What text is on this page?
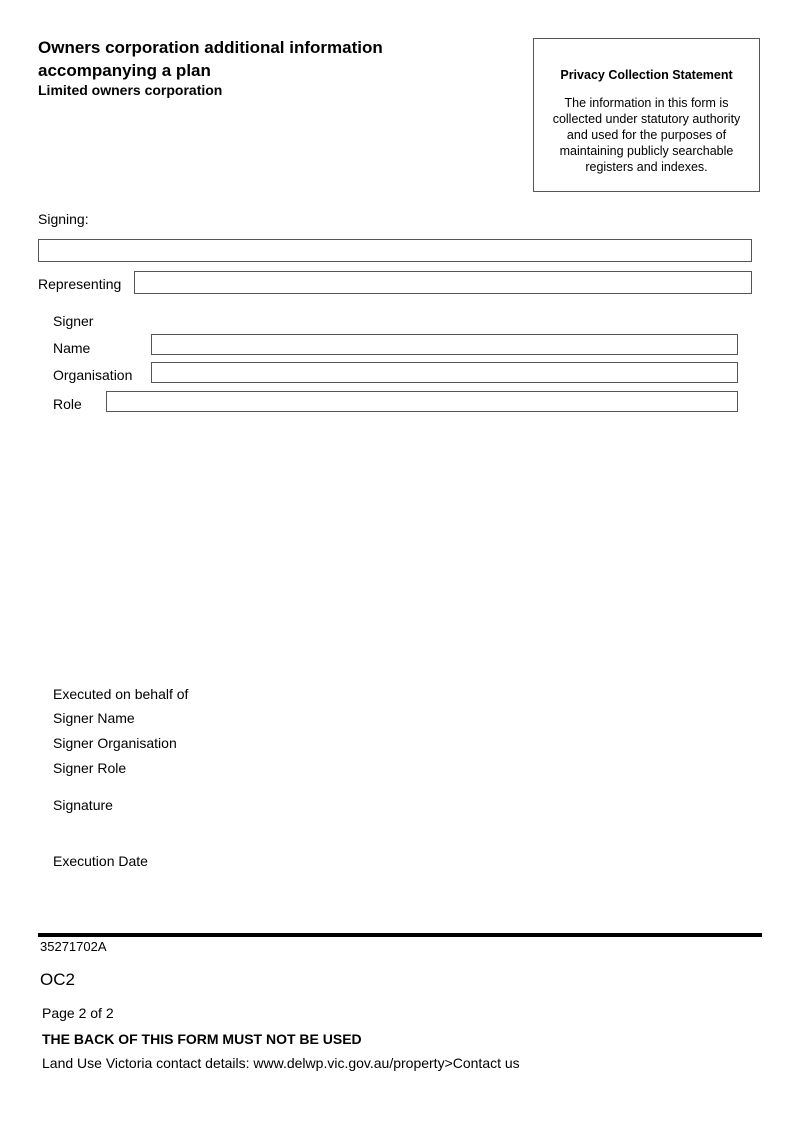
Owners corporation additional information
accompanying a plan
Limited owners corporation
Privacy Collection Statement
The information in this form is collected under statutory authority and used for the purposes of maintaining publicly searchable registers and indexes.
Signing:
Representing
Signer
Name
Organisation
Role
Executed on behalf of
Signer Name
Signer Organisation
Signer Role
Signature
Execution Date
35271702A
OC2
Page 2 of 2
THE BACK OF THIS FORM MUST NOT BE USED
Land Use Victoria contact details: www.delwp.vic.gov.au/property>Contact us
